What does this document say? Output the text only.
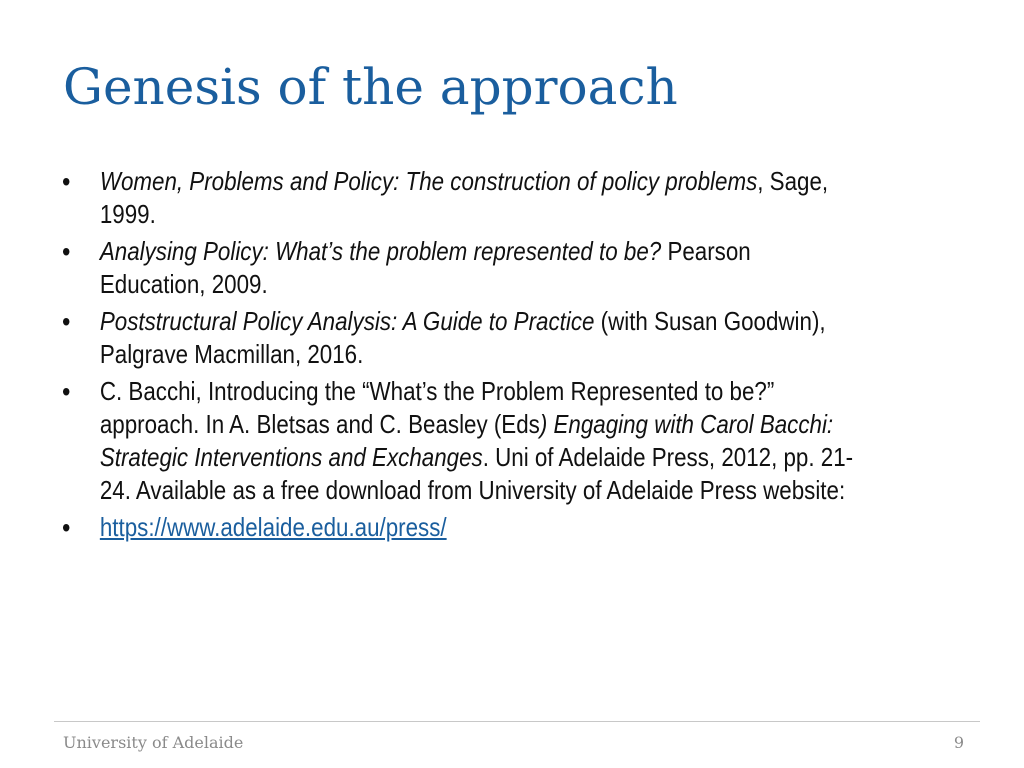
Genesis of the approach
•	Women, Problems and Policy: The construction of policy problems, Sage, 1999.
•	Analysing Policy: What’s the problem represented to be? Pearson Education, 2009.
•	Poststructural Policy Analysis: A Guide to Practice (with Susan Goodwin), Palgrave Macmillan, 2016.
•	C. Bacchi, Introducing the “What’s the Problem Represented to be?” approach. In A. Bletsas and C. Beasley (Eds) Engaging with Carol Bacchi: Strategic Interventions and Exchanges. Uni of Adelaide Press, 2012, pp. 21-24. Available as a free download from University of Adelaide Press website:
•	https://www.adelaide.edu.au/press/
University of Adelaide	9
